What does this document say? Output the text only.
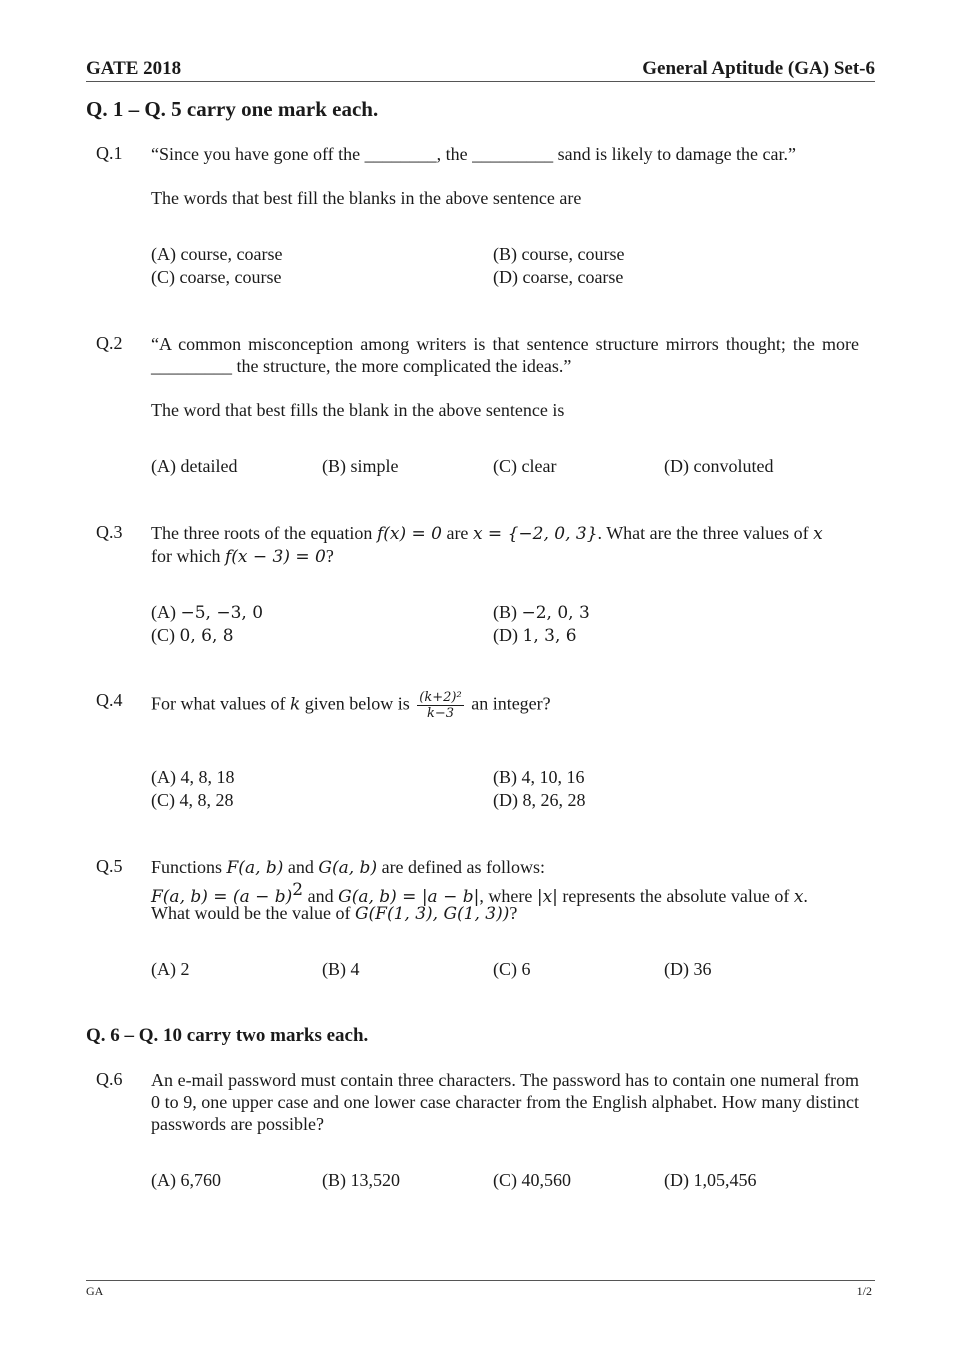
GATE 2018	General Aptitude (GA) Set-6
Q. 1 – Q. 5 carry one mark each.
Q.1 “Since you have gone off the ________, the _________ sand is likely to damage the car.”
The words that best fill the blanks in the above sentence are
(A) course, coarse	(B) course, course
(C) coarse, course	(D) coarse, coarse
Q.2 “A common misconception among writers is that sentence structure mirrors thought; the more _________ the structure, the more complicated the ideas.”
The word that best fills the blank in the above sentence is
(A) detailed	(B) simple	(C) clear	(D) convoluted
Q.3 The three roots of the equation f(x) = 0 are x = {−2, 0, 3}. What are the three values of x
for which f(x − 3) = 0?
(A) −5, −3, 0	(B) −2, 0, 3
(C) 0, 6, 8	(D) 1, 3, 6
Q.4 For what values of k given below is $\frac{\text{(k+2)²}}{k-3}$ an integer?
(A) 4, 8, 18	(B) 4, 10, 16
(C) 4, 8, 28	(D) 8, 26, 28
Q.5 Functions F(a, b) and G(a, b) are defined as follows:
F(a, $b) = (a - b)^2$ and G(a, b) = |a − b|, where |x| represents the absolute value of x.
What would be the value of G(F(1, 3), G(1, 3))?
(A) 2	(B) 4	(C) 6	(D) 36
Q. 6 – Q. 10 carry two marks each.
Q.6 An e-mail password must contain three characters. The password has to contain one numeral from 0 to 9, one upper case and one lower case character from the English alphabet. How many distinct passwords are possible?
(A) 6,760	(B) 13,520	(C) 40,560	(D) 1,05,456
GA	1/2
